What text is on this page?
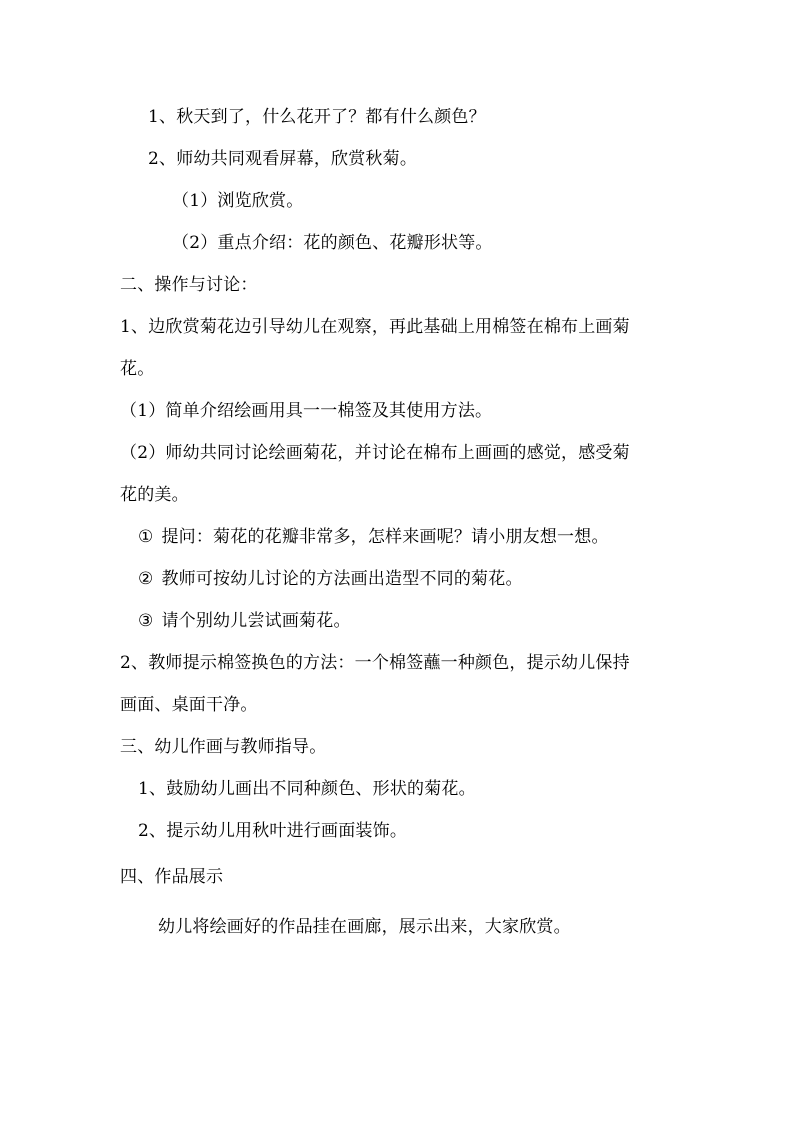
1、秋天到了，什么花开了？都有什么颜色？
2、师幼共同观看屏幕，欣赏秋菊。
（1）浏览欣赏。
（2）重点介绍：花的颜色、花瓣形状等。
二、操作与讨论：
1、边欣赏菊花边引导幼儿在观察，再此基础上用棉签在棉布上画菊
花。
（1）简单介绍绘画用具一一棉签及其使用方法。
（2）师幼共同讨论绘画菊花，并讨论在棉布上画画的感觉，感受菊
花的美。
① 提问：菊花的花瓣非常多，怎样来画呢？请小朋友想一想。
② 教师可按幼儿讨论的方法画出造型不同的菊花。
③ 请个别幼儿尝试画菊花。
2、教师提示棉签换色的方法：一个棉签蘸一种颜色，提示幼儿保持
画面、桌面干净。
三、幼儿作画与教师指导。
1、鼓励幼儿画出不同种颜色、形状的菊花。
2、提示幼儿用秋叶进行画面装饰。
四、作品展示
幼儿将绘画好的作品挂在画廊，展示出来，大家欣赏。
